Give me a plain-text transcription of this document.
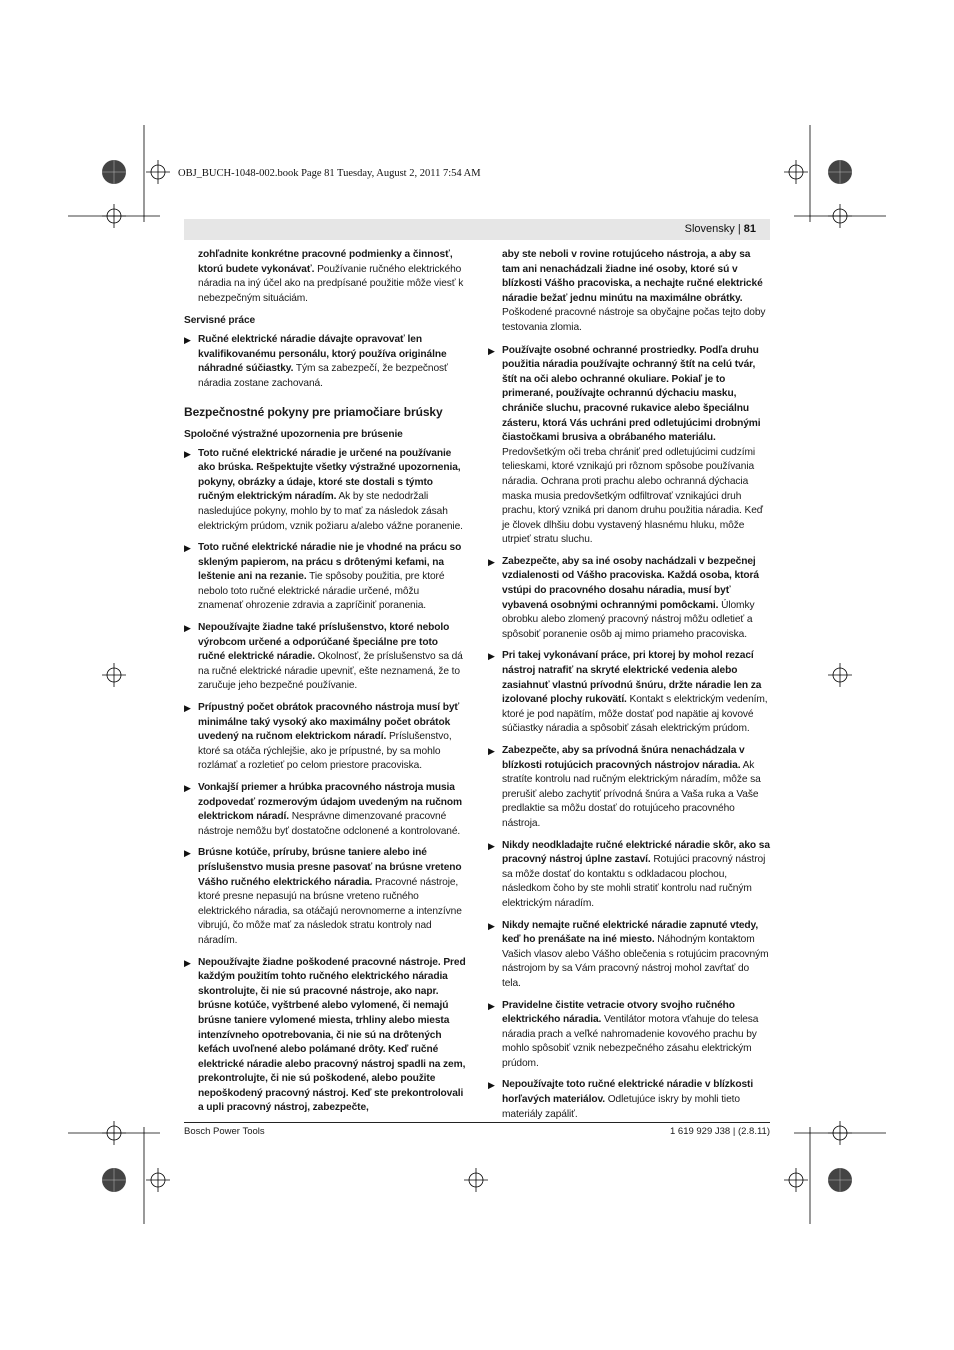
OBJ_BUCH-1048-002.book Page 81 Tuesday, August 2, 2011 7:54 AM
Slovensky | 81

zohľadnite konkrétne pracovné podmienky a činnosť, ktorú budete vykonávať. Používanie ručného elektrického náradia na iný účel ako na predpísané použitie môže viesť k nebezpečným situáciám.

Servisné práce
▶ Ručné elektrické náradie dávajte opravovať len kvalifikovanému personálu, ktorý používa originálne náhradné súčiastky. Tým sa zabezpečí, že bezpečnosť náradia zostane zachovaná.
Bezpečnostné pokyny pre priamočiare brúsky
Spoločné výstražné upozornenia pre brúsenie
▶ Toto ručné elektrické náradie je určené na používanie ako brúska. Rešpektujte všetky výstražné upozornenia, pokyny, obrázky a údaje, ktoré ste dostali s týmto ručným elektrickým náradím. Ak by ste nedodržali nasledujúce pokyny, mohlo by to mať za následok zásah elektrickým prúdom, vznik požiaru a/alebo vážne poranenie.
▶ Toto ručné elektrické náradie nie je vhodné na prácu so skleným papierom, na prácu s drôtenými kefami, na leštenie ani na rezanie. Tie spôsoby použitia, pre ktoré nebolo toto ručné elektrické náradie určené, môžu znamenať ohrozenie zdravia a zapríčiniť poranenia.
▶ Nepoužívajte žiadne také príslušenstvo, ktoré nebolo výrobcom určené a odporúčané špeciálne pre toto ručné elektrické náradie. Okolnosť, že príslušenstvo sa dá na ručné elektrické náradie upevniť, ešte neznamená, že to zaručuje jeho bezpečné používanie.
▶ Prípustný počet obrátok pracovného nástroja musí byť minimálne taký vysoký ako maximálny počet obrátok uvedený na ručnom elektrickom náradí. Príslušenstvo, ktoré sa otáča rýchlejšie, ako je prípustné, by sa mohlo rozlámať a rozletieť po celom priestore pracoviska.
▶ Vonkajší priemer a hrúbka pracovného nástroja musia zodpovedať rozmerovým údajom uvedeným na ručnom elektrickom náradí. Nesprávne dimenzované pracovné nástroje nemôžu byť dostatočne odclonené a kontrolované.
▶ Brúsne kotúče, príruby, brúsne taniere alebo iné príslušenstvo musia presne pasovať na brúsne vreteno Vášho ručného elektrického náradia. Pracovné nástroje, ktoré presne nepasujú na brúsne vreteno ručného elektrického náradia, sa otáčajú nerovnomerne a intenzívne vibrujú, čo môže mať za následok stratu kontroly nad náradím.
▶ Nepoužívajte žiadne poškodené pracovné nástroje. Pred každým použitím tohto ručného elektrického náradia skontrolujte, či nie sú pracovné nástroje, ako napr. brúsne kotúče, vyštrbené alebo vylomené, či nemajú brúsne taniere vylomené miesta, trhliny alebo miesta intenzívneho opotrebovania, či nie sú na drôtených kefách uvoľnené alebo polámané drôty. Keď ručné elektrické náradie alebo pracovný nástroj spadli na zem, prekontrolujte, či nie sú poškodené, alebo použite nepoškodený pracovný nástroj. Keď ste prekontrolovali a upli pracovný nástroj, zabezpečte,

aby ste neboli v rovine rotujúceho nástroja, a aby sa tam ani nenachádzali žiadne iné osoby, ktoré sú v blízkosti Vášho pracoviska, a nechajte ručné elektrické náradie bežať jednu minútu na maximálne obrátky. Poškodené pracovné nástroje sa obyčajne počas tejto doby testovania zlomia.

▶ Používajte osobné ochranné prostriedky. Podľa druhu použitia náradia používajte ochranný štít na celú tvár, štít na oči alebo ochranné okuliare. Pokiaľ je to primerané, používajte ochrannú dýchaciu masku, chrániče sluchu, pracovné rukavice alebo špeciálnu zásteru, ktorá Vás uchráni pred odletujúcimi drobnými čiastočkami brusiva a obrábaného materiálu. Predovšetkým oči treba chrániť pred odletujúcimi cudzími telieskami, ktoré vznikajú pri rôznom spôsobe používania náradia. Ochrana proti prachu alebo ochranná dýchacia maska musia predovšetkým odfiltrovať vznikajúci druh prachu, ktorý vzniká pri danom druhu použitia náradia. Keď je človek dlhšiu dobu vystavený hlasnému hluku, môže utrpieť stratu sluchu.
▶ Zabezpečte, aby sa iné osoby nachádzali v bezpečnej vzdialenosti od Vášho pracoviska. Každá osoba, ktorá vstúpi do pracovného dosahu náradia, musí byť vybavená osobnými ochrannými pomôckami. Úlomky obrobku alebo zlomený pracovný nástroj môžu odletieť a spôsobiť poranenie osôb aj mimo priameho pracoviska.
▶ Pri takej vykonávaní práce, pri ktorej by mohol rezací nástroj natrafiť na skryté elektrické vedenia alebo zasiahnuť vlastnú prívodnú šnúru, držte náradie len za izolované plochy rukovätí. Kontakt s elektrickým vedením, ktoré je pod napätím, môže dostať pod napätie aj kovové súčiastky náradia a spôsobiť zásah elektrickým prúdom.
▶ Zabezpečte, aby sa prívodná šnúra nenachádzala v blízkosti rotujúcich pracovných nástrojov náradia. Ak stratíte kontrolu nad ručným elektrickým náradím, môže sa prerušiť alebo zachytiť prívodná šnúra a Vaša ruka a Vaše predlaktie sa môžu dostať do rotujúceho pracovného nástroja.
▶ Nikdy neodkladajte ručné elektrické náradie skôr, ako sa pracovný nástroj úplne zastaví. Rotujúci pracovný nástroj sa môže dostať do kontaktu s odkladacou plochou, následkom čoho by ste mohli stratiť kontrolu nad ručným elektrickým náradím.
▶ Nikdy nemajte ručné elektrické náradie zapnuté vtedy, keď ho prenášate na iné miesto. Náhodným kontaktom Vašich vlasov alebo Vášho oblečenia s rotujúcim pracovným nástrojom by sa Vám pracovný nástroj mohol zavŕtať do tela.
▶ Pravidelne čistite vetracie otvory svojho ručného elektrického náradia. Ventilátor motora vťahuje do telesa náradia prach a veľké nahromadenie kovového prachu by mohlo spôsobiť vznik nebezpečného zásahu elektrickým prúdom.
▶ Nepoužívajte toto ručné elektrické náradie v blízkosti horľavých materiálov. Odletujúce iskry by mohli tieto materiály zapáliť.
Bosch Power Tools	1 619 929 J38 | (2.8.11)
